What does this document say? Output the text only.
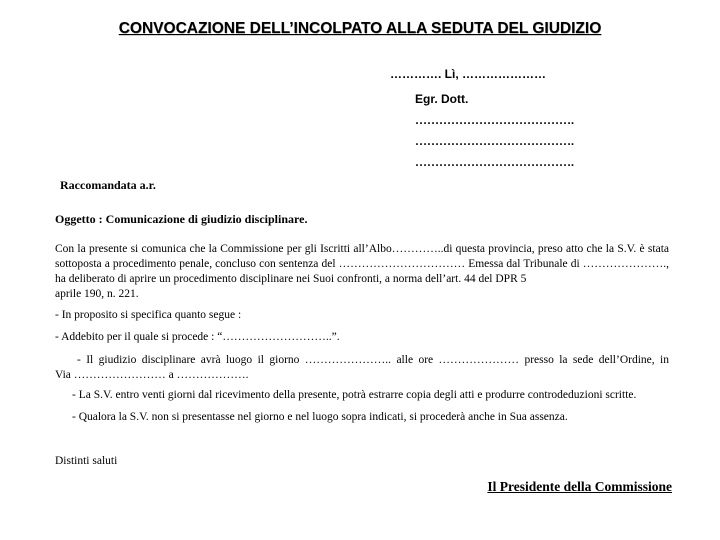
CONVOCAZIONE DELL’INCOLPATO ALLA SEDUTA DEL GIUDIZIO
…………. Lì, …………………
Egr. Dott.
………………………………….
………………………………….
………………………………….
Raccomandata a.r.
Oggetto : Comunicazione di giudizio disciplinare.
Con la presente si comunica che la Commissione per gli Iscritti all’Albo…………..di questa provincia, preso atto che la S.V. è stata sottoposta a procedimento penale, concluso con sentenza del …………………………… Emessa dal Tribunale di …………………., ha deliberato di aprire un procedimento disciplinare nei Suoi confronti, a norma dell’art. 44 del DPR 5
aprile 190, n. 221.
- In proposito si specifica quanto segue :
- Addebito per il quale si procede : “………………………..”.
- Il giudizio disciplinare avrà luogo il giorno ………………….. alle ore ………………… presso la sede dell’Ordine, in
Via …………………… a ……………….
- La S.V. entro venti giorni dal ricevimento della presente, potrà estrarre copia degli atti e produrre controdeduzioni scritte.
- Qualora la S.V. non si presentasse nel giorno e nel luogo sopra indicati, si procederà anche in Sua assenza.
Distinti saluti
Il Presidente della Commissione
